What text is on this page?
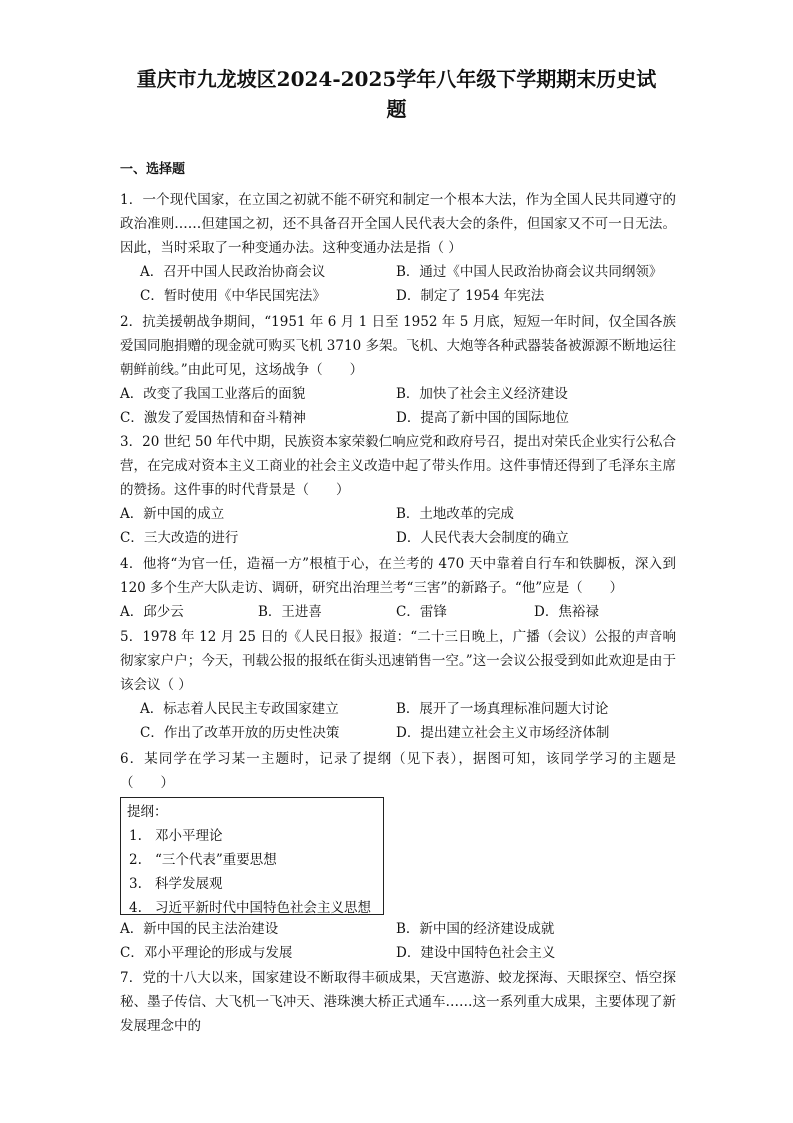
重庆市九龙坡区2024-2025学年八年级下学期期末历史试
题
一、选择题
1．一个现代国家，在立国之初就不能不研究和制定一个根本大法，作为全国人民共同遵守的政治准则……但建国之初，还不具备召开全国人民代表大会的条件，但国家又不可一日无法。因此，当时采取了一种变通办法。这种变通办法是指（ ）
A．召开中国人民政治协商会议	B．通过《中国人民政治协商会议共同纲领》
C．暂时使用《中华民国宪法》	D．制定了 1954 年宪法
2．抗美援朝战争期间，“1951 年 6 月 1 日至 1952 年 5 月底，短短一年时间，仅全国各族爱国同胞捐赠的现金就可购买飞机 3710 多架。飞机、大炮等各种武器装备被源源不断地运往朝鲜前线。”由此可见，这场战争（　　）
A．改变了我国工业落后的面貌	B．加快了社会主义经济建设
C．激发了爱国热情和奋斗精神	D．提高了新中国的国际地位
3．20 世纪 50 年代中期，民族资本家荣毅仁响应党和政府号召，提出对荣氏企业实行公私合营，在完成对资本主义工商业的社会主义改造中起了带头作用。这件事情还得到了毛泽东主席的赞扬。这件事的时代背景是（　　）
A．新中国的成立	B．土地改革的完成
C．三大改造的进行	D．人民代表大会制度的确立
4．他将“为官一任，造福一方”根植于心，在兰考的 470 天中靠着自行车和铁脚板，深入到 120 多个生产大队走访、调研，研究出治理兰考“三害”的新路子。“他”应是（　　）
A．邱少云	B．王进喜	C．雷锋	D．焦裕禄
5．1978 年 12 月 25 日的《人民日报》报道：“二十三日晚上，广播（会议）公报的声音响彻家家户户；今天，刊载公报的报纸在街头迅速销售一空。”这一会议公报受到如此欢迎是由于该会议（ ）
A．标志着人民民主专政国家建立	B．展开了一场真理标准问题大讨论
C．作出了改革开放的历史性决策	D．提出建立社会主义市场经济体制
6．某同学在学习某一主题时，记录了提纲（见下表），据图可知，该同学学习的主题是（　　）
提纲：
1. 邓小平理论
2. “三个代表”重要思想
3. 科学发展观
4. 习近平新时代中国特色社会主义思想
A．新中国的民主法治建设	B．新中国的经济建设成就
C．邓小平理论的形成与发展	D．建设中国特色社会主义
7．党的十八大以来，国家建设不断取得丰硕成果，天宫遨游、蛟龙探海、天眼探空、悟空探秘、墨子传信、大飞机一飞冲天、港珠澳大桥正式通车……这一系列重大成果，主要体现了新发展理念中的
